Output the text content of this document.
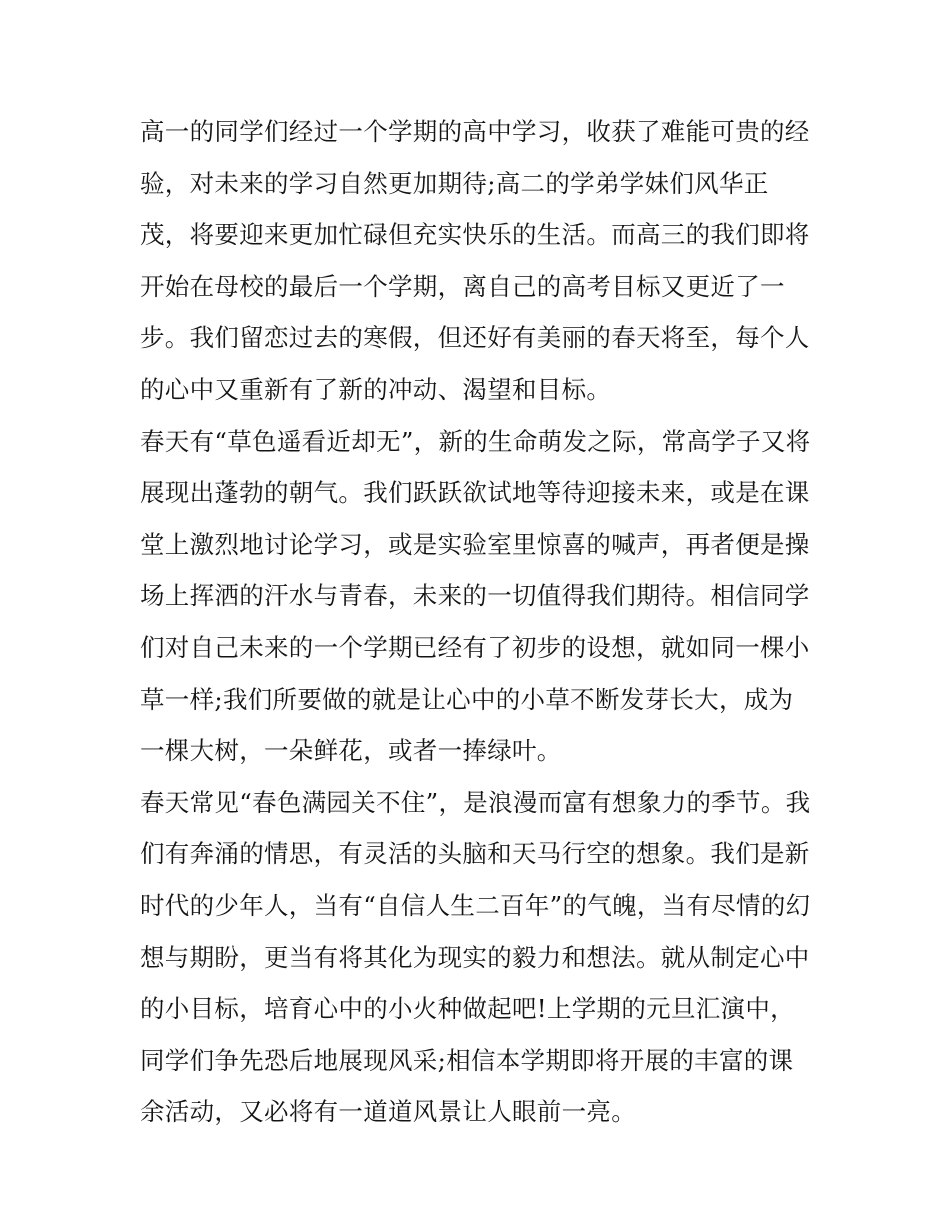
高一的同学们经过一个学期的高中学习，收获了难能可贵的经
验，对未来的学习自然更加期待;高二的学弟学妹们风华正
茂，将要迎来更加忙碌但充实快乐的生活。而高三的我们即将
开始在母校的最后一个学期，离自己的高考目标又更近了一
步。我们留恋过去的寒假，但还好有美丽的春天将至，每个人
的心中又重新有了新的冲动、渴望和目标。
春天有“草色遥看近却无”，新的生命萌发之际，常高学子又将
展现出蓬勃的朝气。我们跃跃欲试地等待迎接未来，或是在课
堂上激烈地讨论学习，或是实验室里惊喜的喊声，再者便是操
场上挥洒的汗水与青春，未来的一切值得我们期待。相信同学
们对自己未来的一个学期已经有了初步的设想，就如同一棵小
草一样;我们所要做的就是让心中的小草不断发芽长大，成为
一棵大树，一朵鲜花，或者一捧绿叶。
春天常见“春色满园关不住”，是浪漫而富有想象力的季节。我
们有奔涌的情思，有灵活的头脑和天马行空的想象。我们是新
时代的少年人，当有“自信人生二百年”的气魄，当有尽情的幻
想与期盼，更当有将其化为现实的毅力和想法。就从制定心中
的小目标，培育心中的小火种做起吧!上学期的元旦汇演中，
同学们争先恐后地展现风采;相信本学期即将开展的丰富的课
余活动，又必将有一道道风景让人眼前一亮。
